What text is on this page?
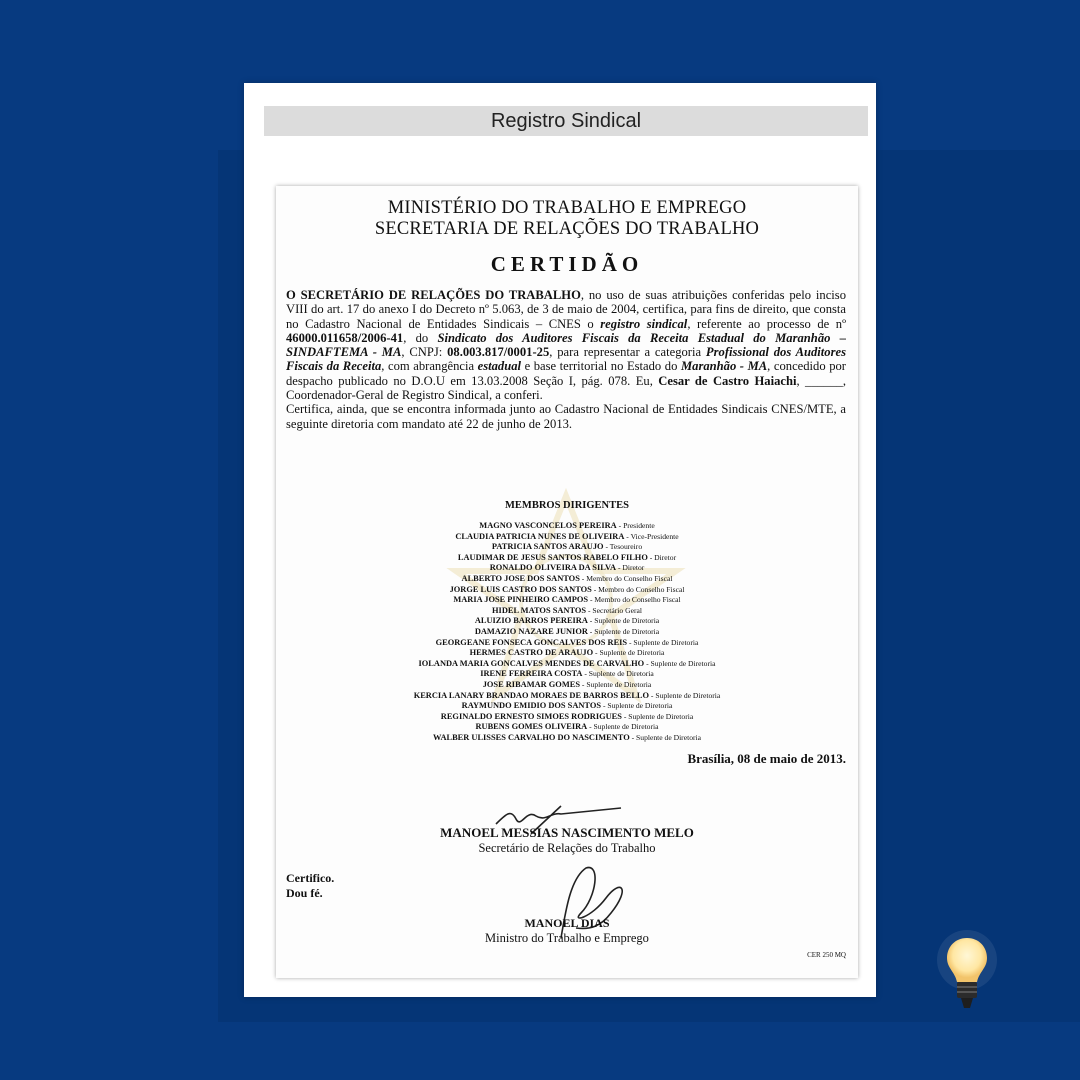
Registro Sindical
MINISTÉRIO DO TRABALHO E EMPREGO
SECRETARIA DE RELAÇÕES DO TRABALHO
CERTIDÃO

O SECRETÁRIO DE RELAÇÕES DO TRABALHO, no uso de suas atribuições conferidas pelo inciso VIII do art. 17 do anexo I do Decreto nº 5.063, de 3 de maio de 2004, certifica, para fins de direito, que consta no Cadastro Nacional de Entidades Sindicais – CNES o registro sindical, referente ao processo de nº 46000.011658/2006-41, do Sindicato dos Auditores Fiscais da Receita Estadual do Maranhão – SINDAFTEMA - MA, CNPJ: 08.003.817/0001-25, para representar a categoria Profissional dos Auditores Fiscais da Receita, com abrangência estadual e base territorial no Estado do Maranhão - MA, concedido por despacho publicado no D.O.U em 13.03.2008 Seção I, pág. 078. Eu, Cesar de Castro Haiachi, ______, Coordenador-Geral de Registro Sindical, a conferi.

Certifica, ainda, que se encontra informada junto ao Cadastro Nacional de Entidades Sindicais CNES/MTE, a seguinte diretoria com mandato até 22 de junho de 2013.

MEMBROS DIRIGENTES
MAGNO VASCONCELOS PEREIRA - Presidente
CLAUDIA PATRICIA NUNES DE OLIVEIRA - Vice-Presidente
PATRICIA SANTOS ARAUJO - Tesoureiro
LAUDIMAR DE JESUS SANTOS RABELO FILHO - Diretor
RONALDO OLIVEIRA DA SILVA - Diretor
ALBERTO JOSE DOS SANTOS - Membro do Conselho Fiscal
JORGE LUIS CASTRO DOS SANTOS - Membro do Conselho Fiscal
MARIA JOSE PINHEIRO CAMPOS - Membro do Conselho Fiscal
HIDEL MATOS SANTOS - Secretário Geral
ALUIZIO BARROS PEREIRA - Suplente de Diretoria
DAMAZIO NAZARE JUNIOR - Suplente de Diretoria
GEORGEANE FONSECA GONCALVES DOS REIS - Suplente de Diretoria
HERMES CASTRO DE ARAUJO - Suplente de Diretoria
IOLANDA MARIA GONCALVES MENDES DE CARVALHO - Suplente de Diretoria
IRENE FERREIRA COSTA - Suplente de Diretoria
JOSE RIBAMAR GOMES - Suplente de Diretoria
KERCIA LANARY BRANDAO MORAES DE BARROS BELLO - Suplente de Diretoria
RAYMUNDO EMIDIO DOS SANTOS - Suplente de Diretoria
REGINALDO ERNESTO SIMOES RODRIGUES - Suplente de Diretoria
RUBENS GOMES OLIVEIRA - Suplente de Diretoria
WALBER ULISSES CARVALHO DO NASCIMENTO - Suplente de Diretoria
Brasília, 08 de maio de 2013.
MANOEL MESSIAS NASCIMENTO MELO
Secretário de Relações do Trabalho
Certifico.
Dou fé.
MANOEL DIAS
Ministro do Trabalho e Emprego
CER 250 MQ
